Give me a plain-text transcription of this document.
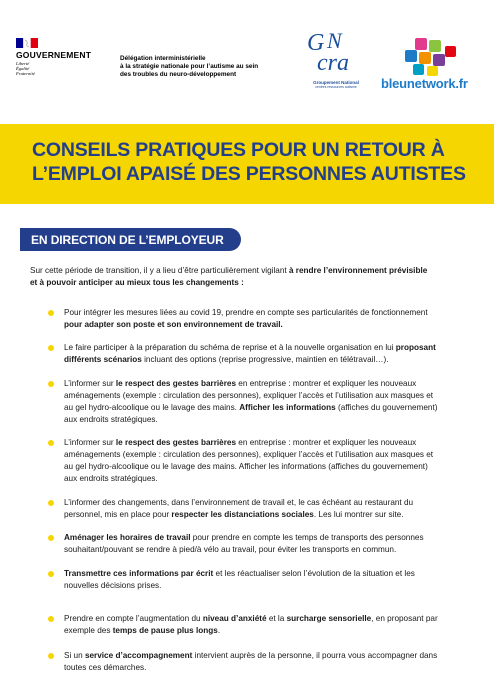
GOUVERNEMENT
Liberté
Égalité
Fraternité
Délégation interministérielle
à la stratégie nationale pour l’autisme au sein
des troubles du neuro-développement
G N
cra
Groupement National
centres ressources autisme	bleunetwork.fr
CONSEILS PRATIQUES POUR UN RETOUR À
L’EMPLOI APAISÉ DES PERSONNES AUTISTES
EN DIRECTION DE L’EMPLOYEUR
Sur cette période de transition, il y a lieu d’être particulièrement vigilant à rendre l’environnement prévisible
et à pouvoir anticiper au mieux tous les changements :
Pour intégrer les mesures liées au covid 19, prendre en compte ses particularités de fonctionnement
pour adapter son poste et son environnement de travail.
Le faire participer à la préparation du schéma de reprise et à la nouvelle organisation en lui proposant
différents scénarios incluant des options (reprise progressive, maintien en télétravail…).
L’informer sur le respect des gestes barrières en entreprise : montrer et expliquer les nouveaux
aménagements (exemple : circulation des personnes), expliquer l’accès et l’utilisation aux masques et
au gel hydro-alcoolique ou le lavage des mains. Afficher les informations (affiches du gouvernement)
aux endroits stratégiques.
L’informer sur le respect des gestes barrières en entreprise : montrer et expliquer les nouveaux
aménagements (exemple : circulation des personnes), expliquer l’accès et l’utilisation aux masques et
au gel hydro-alcoolique ou le lavage des mains. Afficher les informations (affiches du gouvernement)
aux endroits stratégiques.
L’informer des changements, dans l’environnement de travail et, le cas échéant au restaurant du
personnel, mis en place pour respecter les distanciations sociales. Les lui montrer sur site.
Aménager les horaires de travail pour prendre en compte les temps de transports des personnes
souhaitant/pouvant se rendre à pied/à vélo au travail, pour éviter les transports en commun.
Transmettre ces informations par écrit et les réactualiser selon l’évolution de la situation et les
nouvelles décisions prises.
Prendre en compte l’augmentation du niveau d’anxiété et la surcharge sensorielle, en proposant par
exemple des temps de pause plus longs.
Si un service d’accompagnement intervient auprès de la personne, il pourra vous accompagner dans
toutes ces démarches.
